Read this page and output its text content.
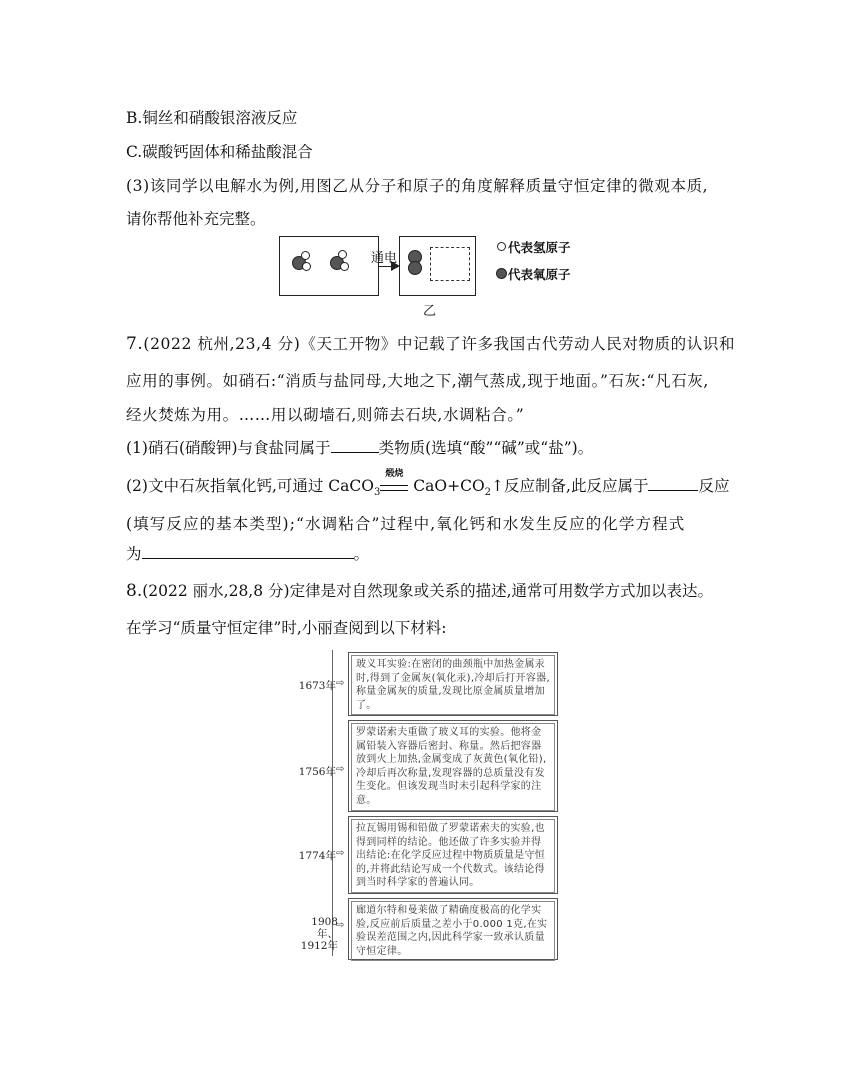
B.铜丝和硝酸银溶液反应
C.碳酸钙固体和稀盐酸混合
(3)该同学以电解水为例,用图乙从分子和原子的角度解释质量守恒定律的微观本质,
请你帮他补充完整。
通电
代表氢原子
代表氧原子
乙
7.(2022 杭州,23,4 分)《天工开物》中记载了许多我国古代劳动人民对物质的认识和
应用的事例。如硝石:“消质与盐同母,大地之下,潮气蒸成,现于地面。”石灰:“凡石灰,
经火焚炼为用。……用以砌墙石,则筛去石块,水调粘合。”
(1)硝石(硝酸钾)与食盐同属于	类物质(选填“酸”“碱”或“盐”)。
(2)文中石灰指氧化钙,可通过 CaCO$_3$
煅烧
$CaO+CO_2↑$反应制备,此反应属于	反应
(填写反应的基本类型);“水调粘合”过程中,氧化钙和水发生反应的化学方程式
为	。
8.(2022 丽水,28,8 分)定律是对自然现象或关系的描述,通常可用数学方式加以表达。
在学习“质量守恒定律”时,小丽查阅到以下材料:
1673年 ⇨
玻义耳实验:在密闭的曲颈瓶中加热金属汞时,得到了金属灰(氧化汞),冷却后打开容器,称量金属灰的质量,发现比原金属质量增加了。
1756年 ⇨
罗蒙诺索夫重做了玻义耳的实验。他将金属铅装入容器后密封、称量。然后把容器放到火上加热,金属变成了灰黄色(氧化铅),冷却后再次称量,发现容器的总质量没有发生变化。但该发现当时未引起科学家的注意。
1774年 ⇨
拉瓦锡用锡和铅做了罗蒙诺索夫的实验,也得到同样的结论。他还做了许多实验并得出结论:在化学反应过程中物质质量是守恒的,并将此结论写成一个代数式。该结论得到当时科学家的普遍认同。
1908年、1912年
⇨
廊道尔特和曼莱做了精确度极高的化学实验,反应前后质量之差小于0.000 1克,在实验误差范围之内,因此科学家一致承认质量守恒定律。
